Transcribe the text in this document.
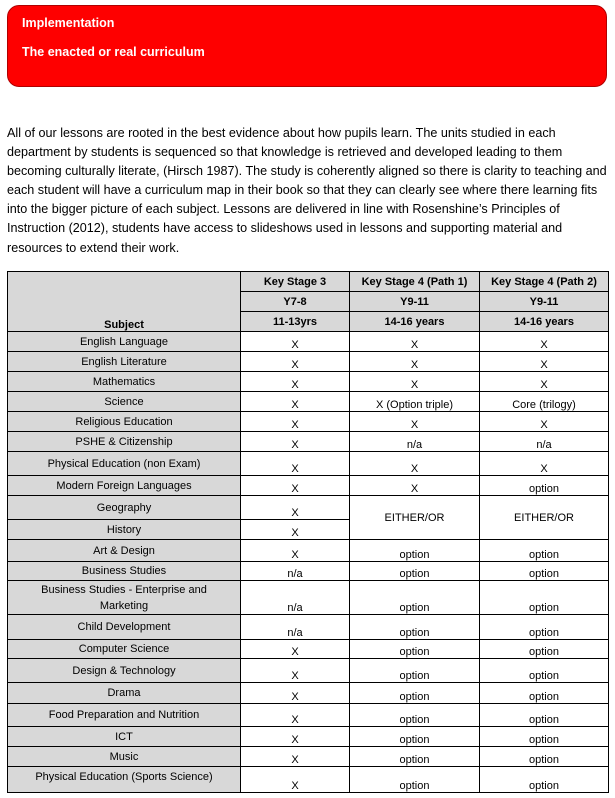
Implementation
The enacted or real curriculum

All of our lessons are rooted in the best evidence about how pupils learn. The units studied in each department by students is sequenced so that knowledge is retrieved and developed leading to them becoming culturally literate, (Hirsch 1987). The study is coherently aligned so there is clarity to teaching and each student will have a curriculum map in their book so that they can clearly see where there learning fits into the bigger picture of each subject. Lessons are delivered in line with Rosenshine’s Principles of Instruction (2012), students have access to slideshows used in lessons and supporting material and resources to extend their work.

Subject	Key Stage 3	Key Stage 4 (Path 1)	Key Stage 4 (Path 2)
	Y7-8	Y9-11	Y9-11
	11-13yrs	14-16 years	14-16 years
English Language	X	X	X
English Literature	X	X	X
Mathematics	X	X	X
Science	X	X (Option triple)	Core (trilogy)
Religious Education	X	X	X
PSHE & Citizenship	X	n/a	n/a
Physical Education (non Exam)	X	X	X
Modern Foreign Languages	X	X	option
Geography	X	EITHER/OR	EITHER/OR
History	X		
Art & Design	X	option	option
Business Studies	n/a	option	option
Business Studies - Enterprise and Marketing	n/a	option	option
Child Development	n/a	option	option
Computer Science	X	option	option
Design & Technology	X	option	option
Drama	X	option	option
Food Preparation and Nutrition	X	option	option
ICT	X	option	option
Music	X	option	option
Physical Education (Sports Science)	X	option	option
